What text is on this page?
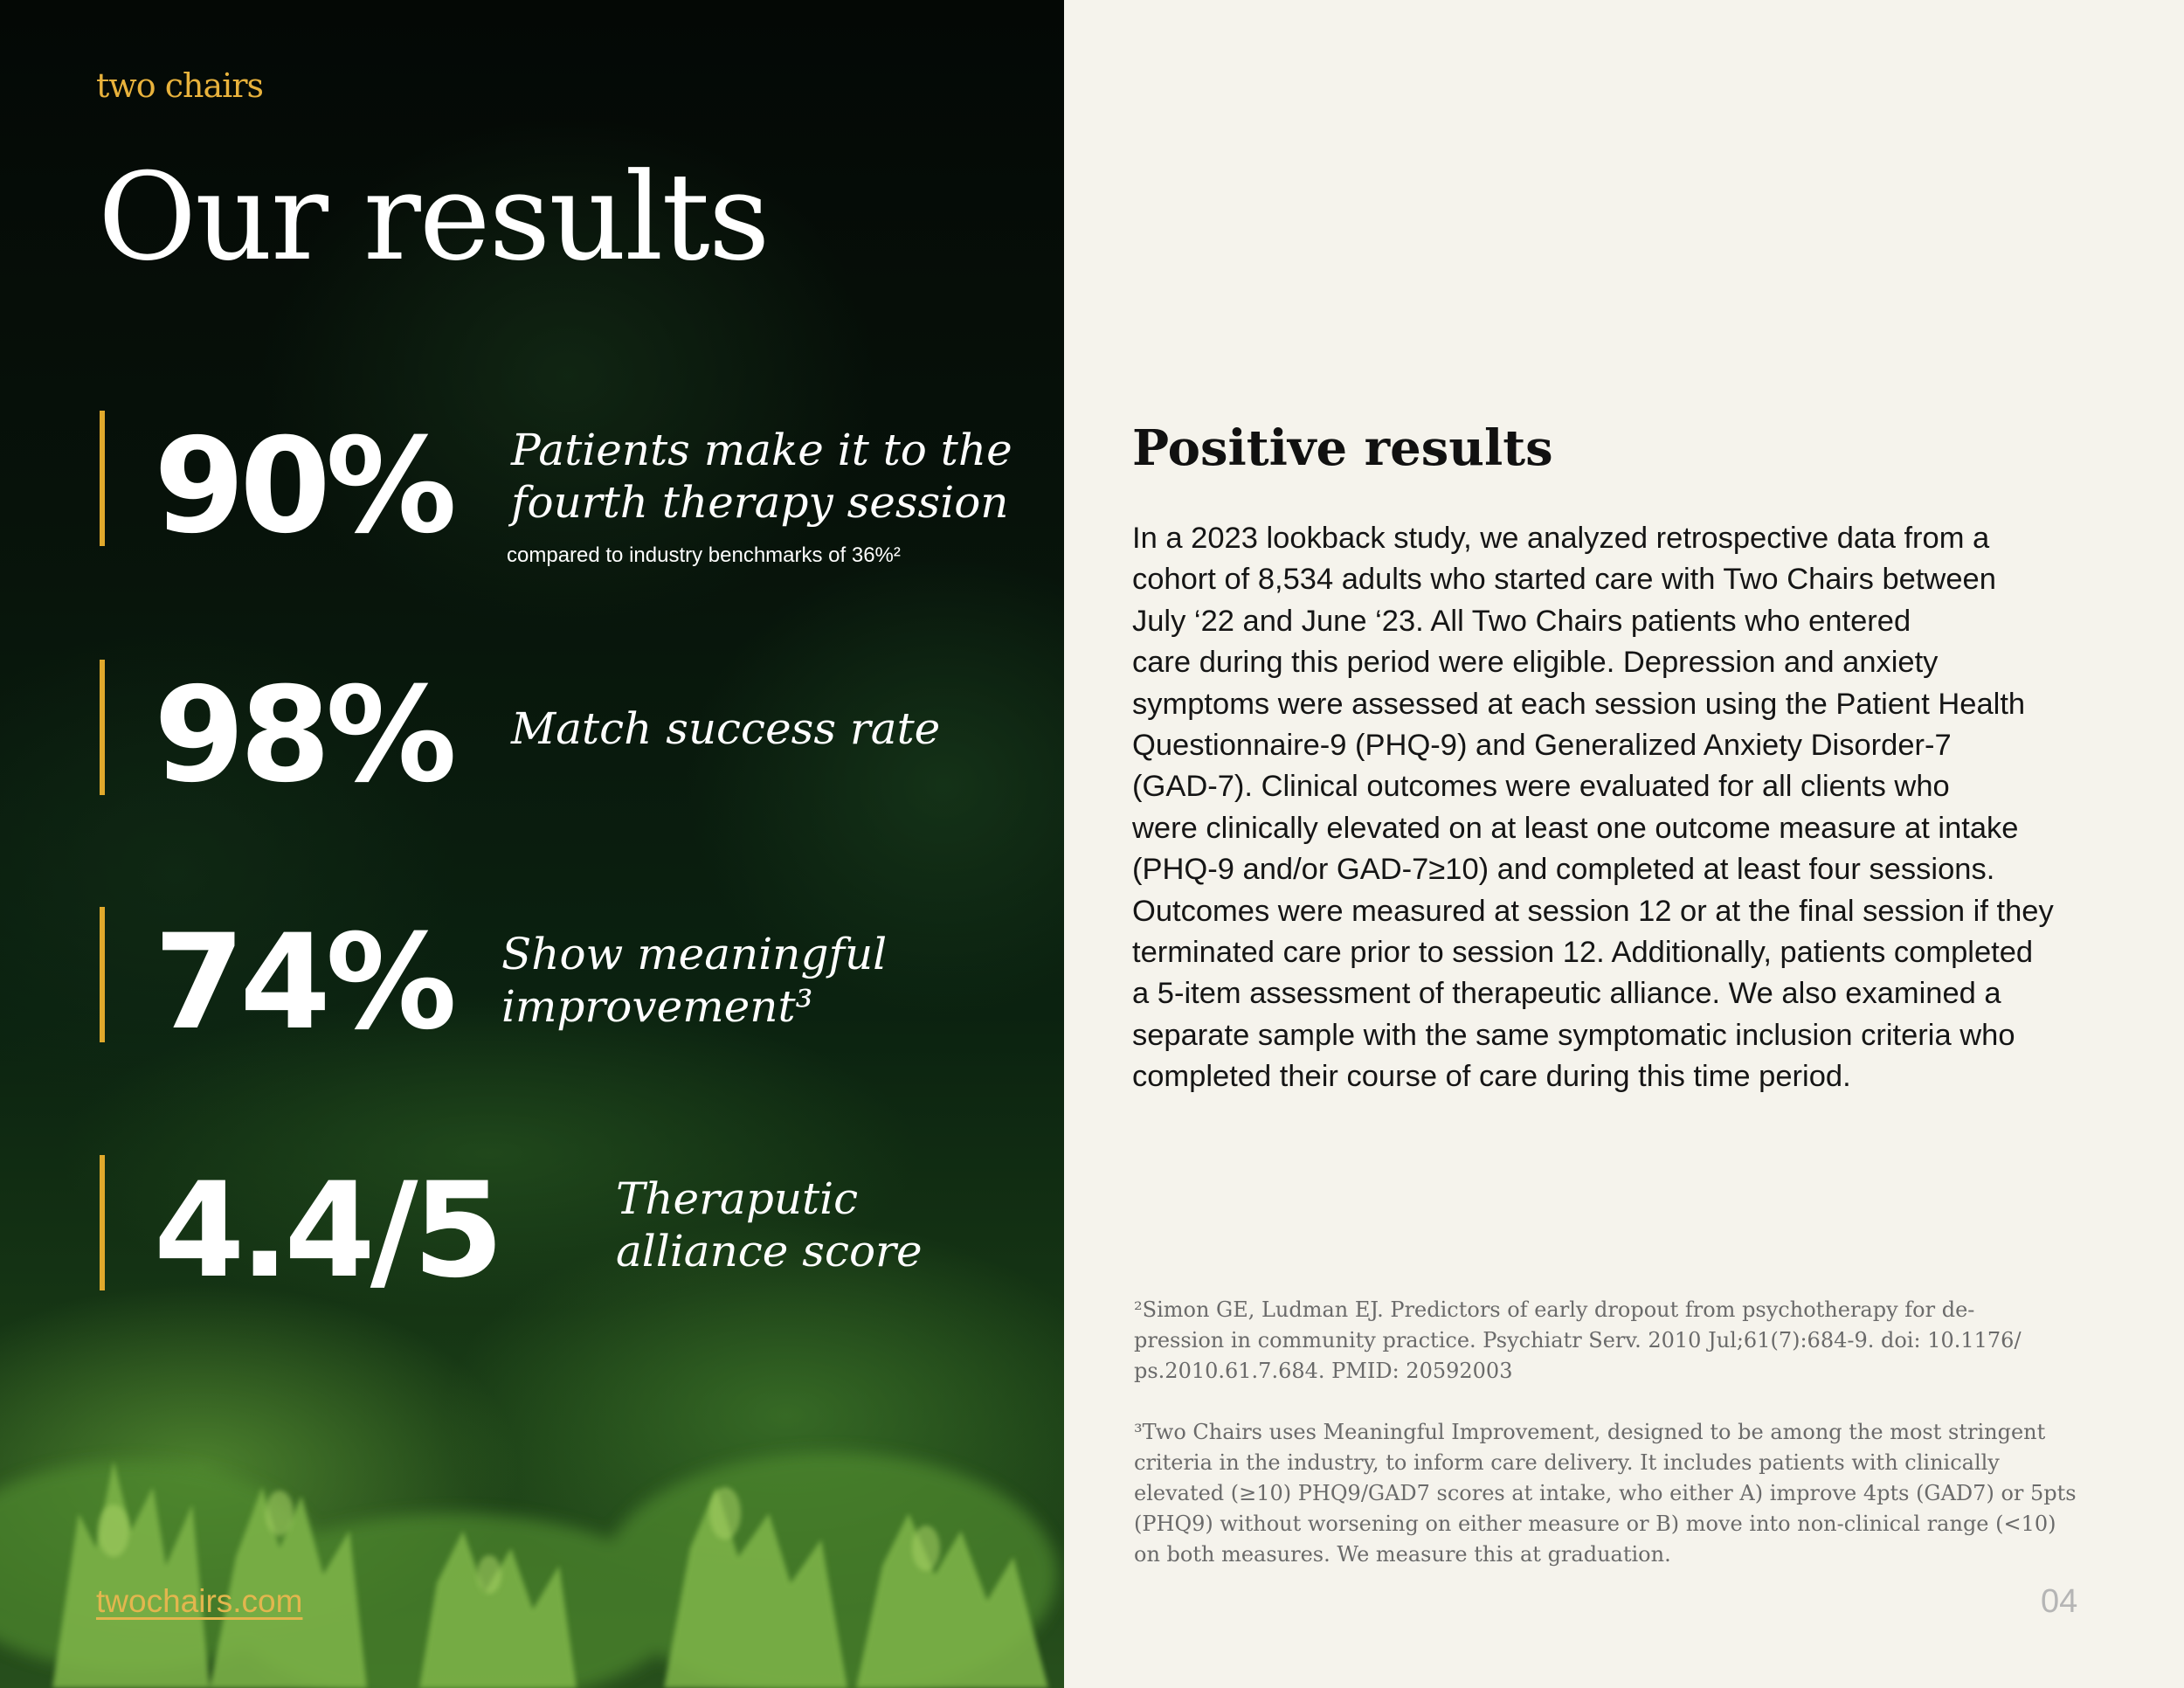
two chairs
Our results
90% Patients make it to the
fourth therapy session
compared to industry benchmarks of 36%²
98% Match success rate
74% Show meaningful
improvement³
4.4/5	Theraputic
alliance score
twochairs.com
Positive results
In a 2023 lookback study, we analyzed retrospective data from a
cohort of 8,534 adults who started care with Two Chairs between
July ‘22 and June ‘23. All Two Chairs patients who entered
care during this period were eligible. Depression and anxiety
symptoms were assessed at each session using the Patient Health
Questionnaire-9 (PHQ-9) and Generalized Anxiety Disorder-7
(GAD-7). Clinical outcomes were evaluated for all clients who
were clinically elevated on at least one outcome measure at intake
(PHQ-9 and/or GAD-7≥10) and completed at least four sessions.
Outcomes were measured at session 12 or at the final session if they
terminated care prior to session 12. Additionally, patients completed
a 5-item assessment of therapeutic alliance. We also examined a
separate sample with the same symptomatic inclusion criteria who
completed their course of care during this time period.
²Simon GE, Ludman EJ. Predictors of early dropout from psychotherapy for de-
pression in community practice. Psychiatr Serv. 2010 Jul;61(7):684-9. doi: 10.1176/
ps.2010.61.7.684. PMID: 20592003
³Two Chairs uses Meaningful Improvement, designed to be among the most stringent
criteria in the industry, to inform care delivery. It includes patients with clinically
elevated (≥10) PHQ9/GAD7 scores at intake, who either A) improve 4pts (GAD7) or 5pts
(PHQ9) without worsening on either measure or B) move into non-clinical range (<10)
on both measures. We measure this at graduation.
04
